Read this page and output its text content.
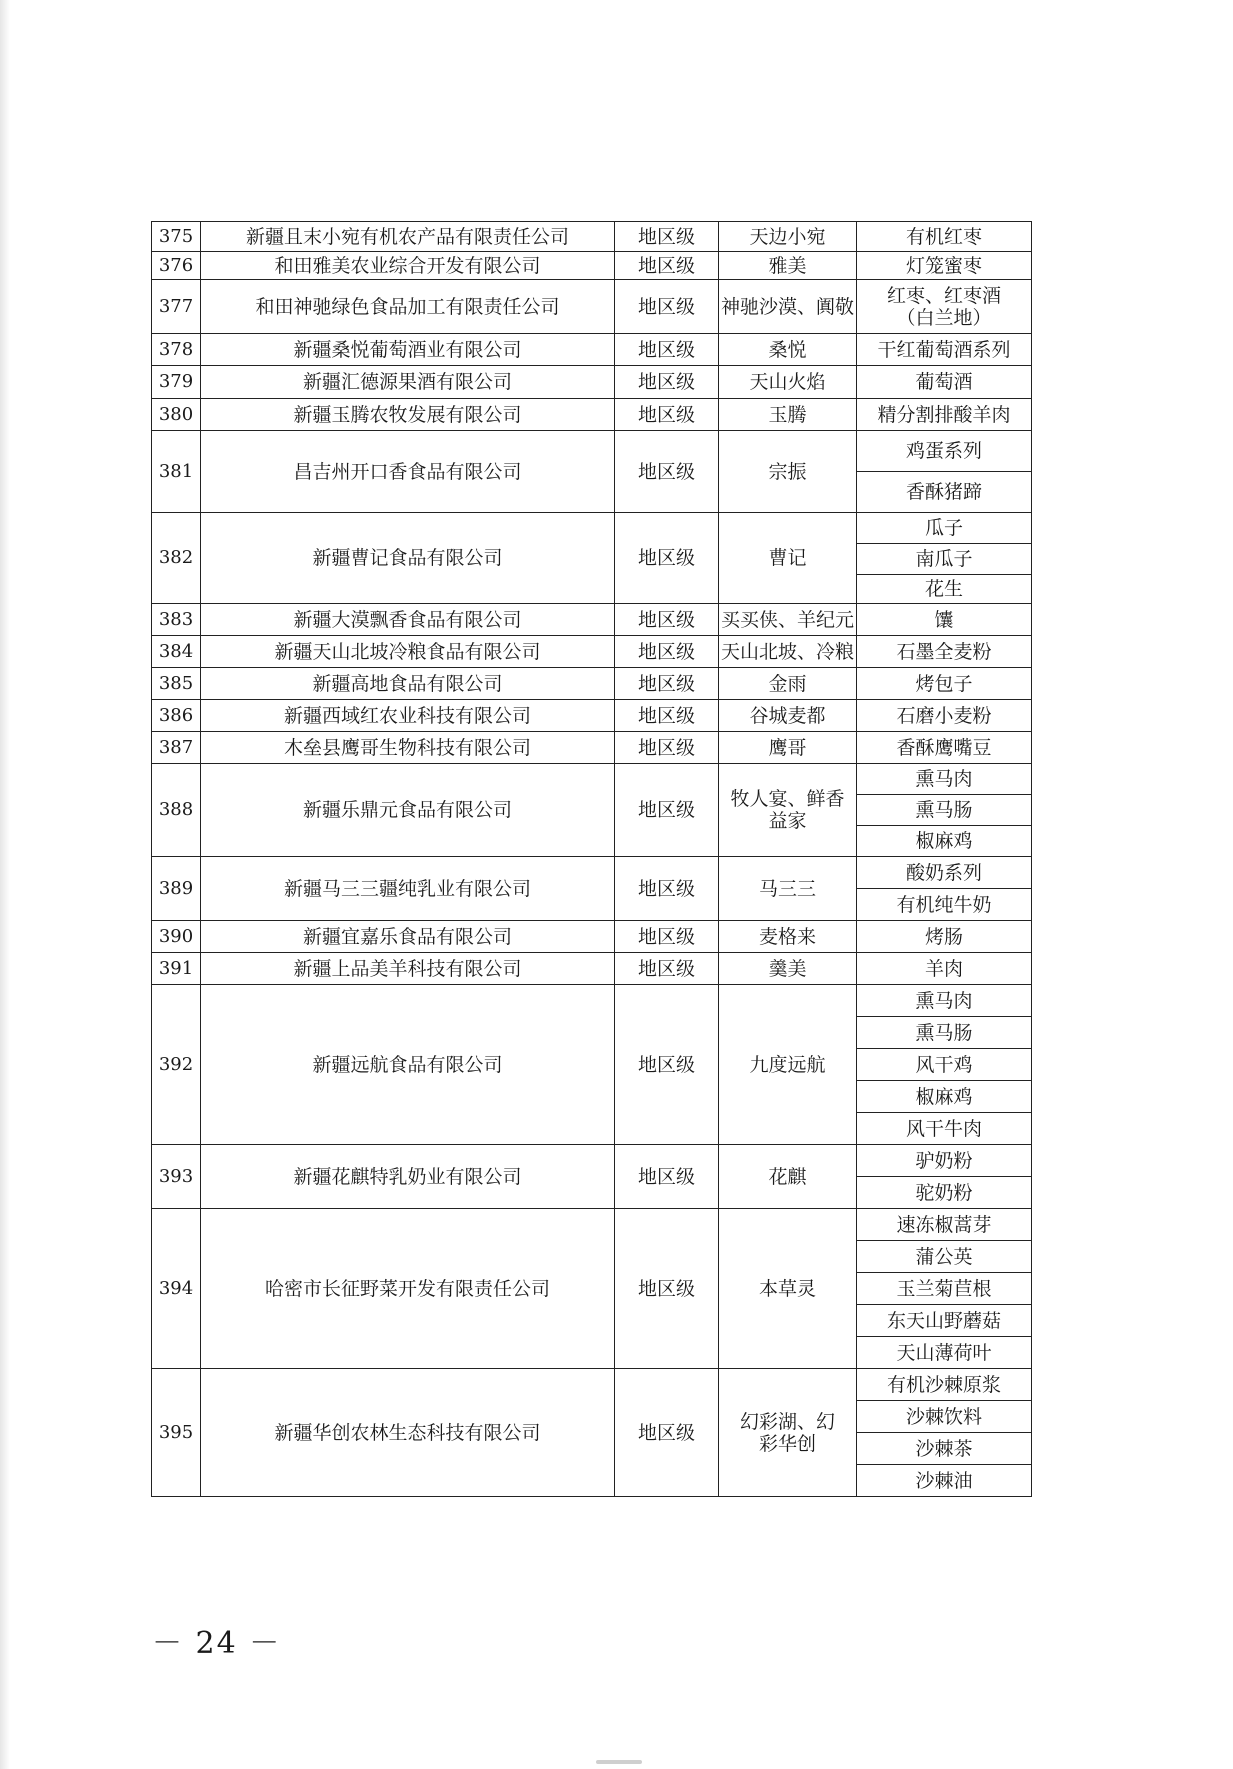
375	新疆且末小宛有机农产品有限责任公司	地区级	天边小宛	有机红枣
376	和田雅美农业综合开发有限公司	地区级	雅美	灯笼蜜枣
377	和田神驰绿色食品加工有限责任公司	地区级	神驰沙漠、阗敬	红枣、红枣酒（白兰地）
378	新疆桑悦葡萄酒业有限公司	地区级	桑悦	干红葡萄酒系列
379	新疆汇德源果酒有限公司	地区级	天山火焰	葡萄酒
380	新疆玉腾农牧发展有限公司	地区级	玉腾	精分割排酸羊肉
381	昌吉州开口香食品有限公司	地区级	宗振	鸡蛋系列
				香酥猪蹄
382	新疆曹记食品有限公司	地区级	曹记	瓜子
				南瓜子
				花生
383	新疆大漠飘香食品有限公司	地区级	买买侠、羊纪元	馕
384	新疆天山北坡冷粮食品有限公司	地区级	天山北坡、冷粮	石墨全麦粉
385	新疆高地食品有限公司	地区级	金雨	烤包子
386	新疆西域红农业科技有限公司	地区级	谷城麦都	石磨小麦粉
387	木垒县鹰哥生物科技有限公司	地区级	鹰哥	香酥鹰嘴豆
388	新疆乐鼎元食品有限公司	地区级	牧人宴、鲜香益家	熏马肉
				熏马肠
				椒麻鸡
389	新疆马三三疆纯乳业有限公司	地区级	马三三	酸奶系列
				有机纯牛奶
390	新疆宜嘉乐食品有限公司	地区级	麦格来	烤肠
391	新疆上品美羊科技有限公司	地区级	羹美	羊肉
392	新疆远航食品有限公司	地区级	九度远航	熏马肉
				熏马肠
				风干鸡
				椒麻鸡
				风干牛肉
393	新疆花麒特乳奶业有限公司	地区级	花麒	驴奶粉
				驼奶粉
394	哈密市长征野菜开发有限责任公司	地区级	本草灵	速冻椒蒿芽
				蒲公英
				玉兰菊苣根
				东天山野蘑菇
				天山薄荷叶
395	新疆华创农林生态科技有限公司	地区级	幻彩湖、幻彩华创	有机沙棘原浆
				沙棘饮料
				沙棘茶
				沙棘油
－ 24 －
